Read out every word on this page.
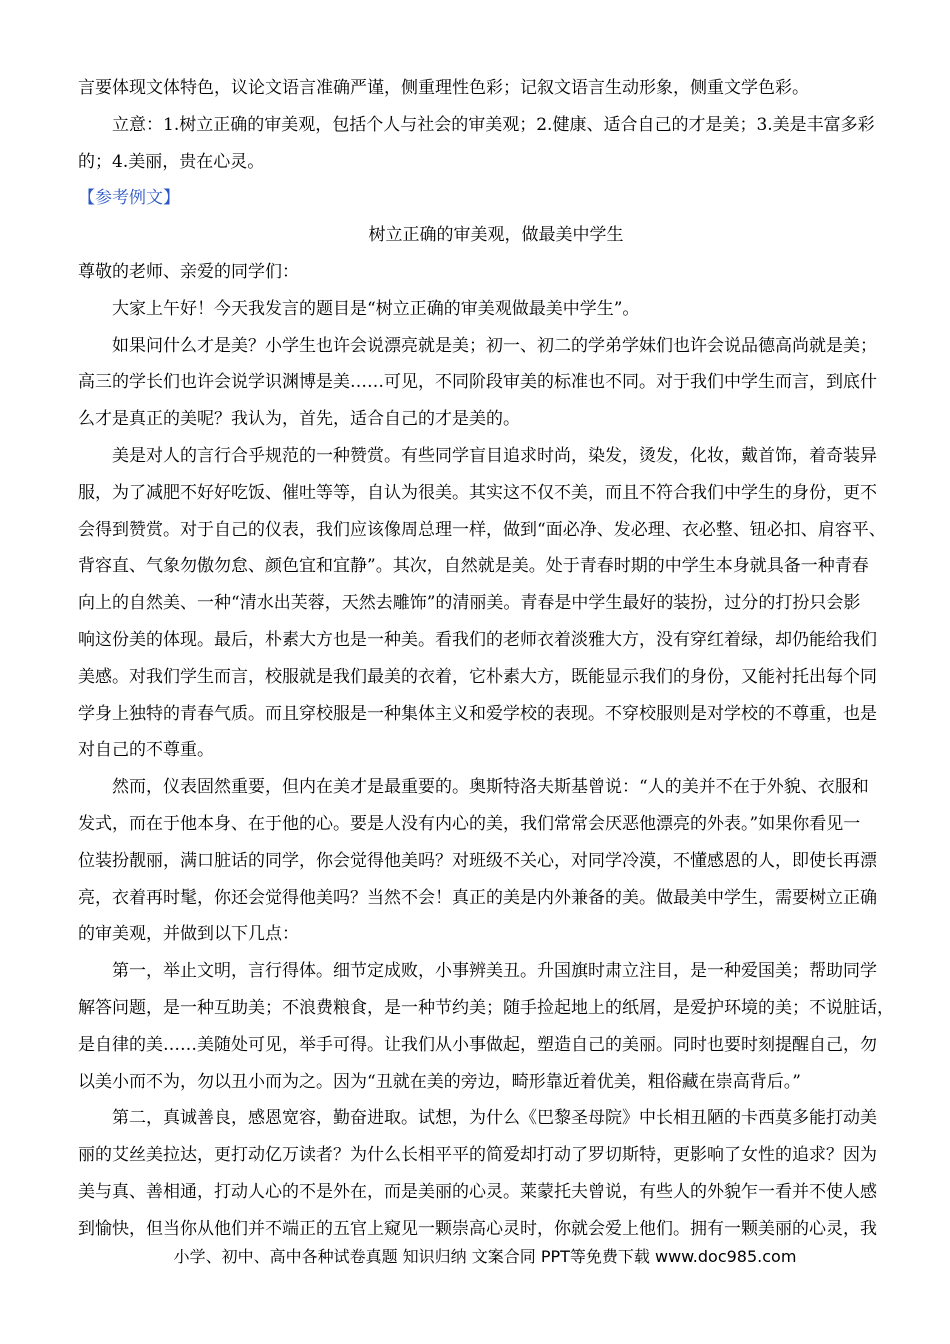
言要体现文体特色，议论文语言准确严谨，侧重理性色彩；记叙文语言生动形象，侧重文学色彩。

立意：1.树立正确的审美观，包括个人与社会的审美观；2.健康、适合自己的才是美；3.美是丰富多彩

的；4.美丽，贵在心灵。

【参考例文】

树立正确的审美观，做最美中学生

尊敬的老师、亲爱的同学们：

大家上午好！今天我发言的题目是“树立正确的审美观做最美中学生”。

如果问什么才是美？小学生也许会说漂亮就是美；初一、初二的学弟学妹们也许会说品德高尚就是美；

高三的学长们也许会说学识渊博是美……可见，不同阶段审美的标准也不同。对于我们中学生而言，到底什

么才是真正的美呢？我认为，首先，适合自己的才是美的。

美是对人的言行合乎规范的一种赞赏。有些同学盲目追求时尚，染发，烫发，化妆，戴首饰，着奇装异

服，为了减肥不好好吃饭、催吐等等，自认为很美。其实这不仅不美，而且不符合我们中学生的身份，更不

会得到赞赏。对于自己的仪表，我们应该像周总理一样，做到“面必净、发必理、衣必整、钮必扣、肩容平、

背容直、气象勿傲勿怠、颜色宜和宜静”。其次，自然就是美。处于青春时期的中学生本身就具备一种青春

向上的自然美、一种“清水出芙蓉，天然去雕饰”的清丽美。青春是中学生最好的装扮，过分的打扮只会影

响这份美的体现。最后，朴素大方也是一种美。看我们的老师衣着淡雅大方，没有穿红着绿，却仍能给我们

美感。对我们学生而言，校服就是我们最美的衣着，它朴素大方，既能显示我们的身份，又能衬托出每个同

学身上独特的青春气质。而且穿校服是一种集体主义和爱学校的表现。不穿校服则是对学校的不尊重，也是

对自己的不尊重。

然而，仪表固然重要，但内在美才是最重要的。奥斯特洛夫斯基曾说：“人的美并不在于外貌、衣服和

发式，而在于他本身、在于他的心。要是人没有内心的美，我们常常会厌恶他漂亮的外表。”如果你看见一

位装扮靓丽，满口脏话的同学，你会觉得他美吗？对班级不关心，对同学冷漠，不懂感恩的人，即使长再漂

亮，衣着再时髦，你还会觉得他美吗？当然不会！真正的美是内外兼备的美。做最美中学生，需要树立正确

的审美观，并做到以下几点：

第一，举止文明，言行得体。细节定成败，小事辨美丑。升国旗时肃立注目，是一种爱国美；帮助同学

解答问题，是一种互助美；不浪费粮食，是一种节约美；随手捡起地上的纸屑，是爱护环境的美；不说脏话，

是自律的美……美随处可见，举手可得。让我们从小事做起，塑造自己的美丽。同时也要时刻提醒自己，勿

以美小而不为，勿以丑小而为之。因为“丑就在美的旁边，畸形靠近着优美，粗俗藏在崇高背后。”

第二，真诚善良，感恩宽容，勤奋进取。试想，为什么《巴黎圣母院》中长相丑陋的卡西莫多能打动美

丽的艾丝美拉达，更打动亿万读者？为什么长相平平的简爱却打动了罗切斯特，更影响了女性的追求？因为

美与真、善相通，打动人心的不是外在，而是美丽的心灵。莱蒙托夫曾说，有些人的外貌乍一看并不使人感

到愉快，但当你从他们并不端正的五官上窥见一颗崇高心灵时，你就会爱上他们。拥有一颗美丽的心灵，我

小学、初中、高中各种试卷真题 知识归纳 文案合同 PPT等免费下载 www.doc985.com
